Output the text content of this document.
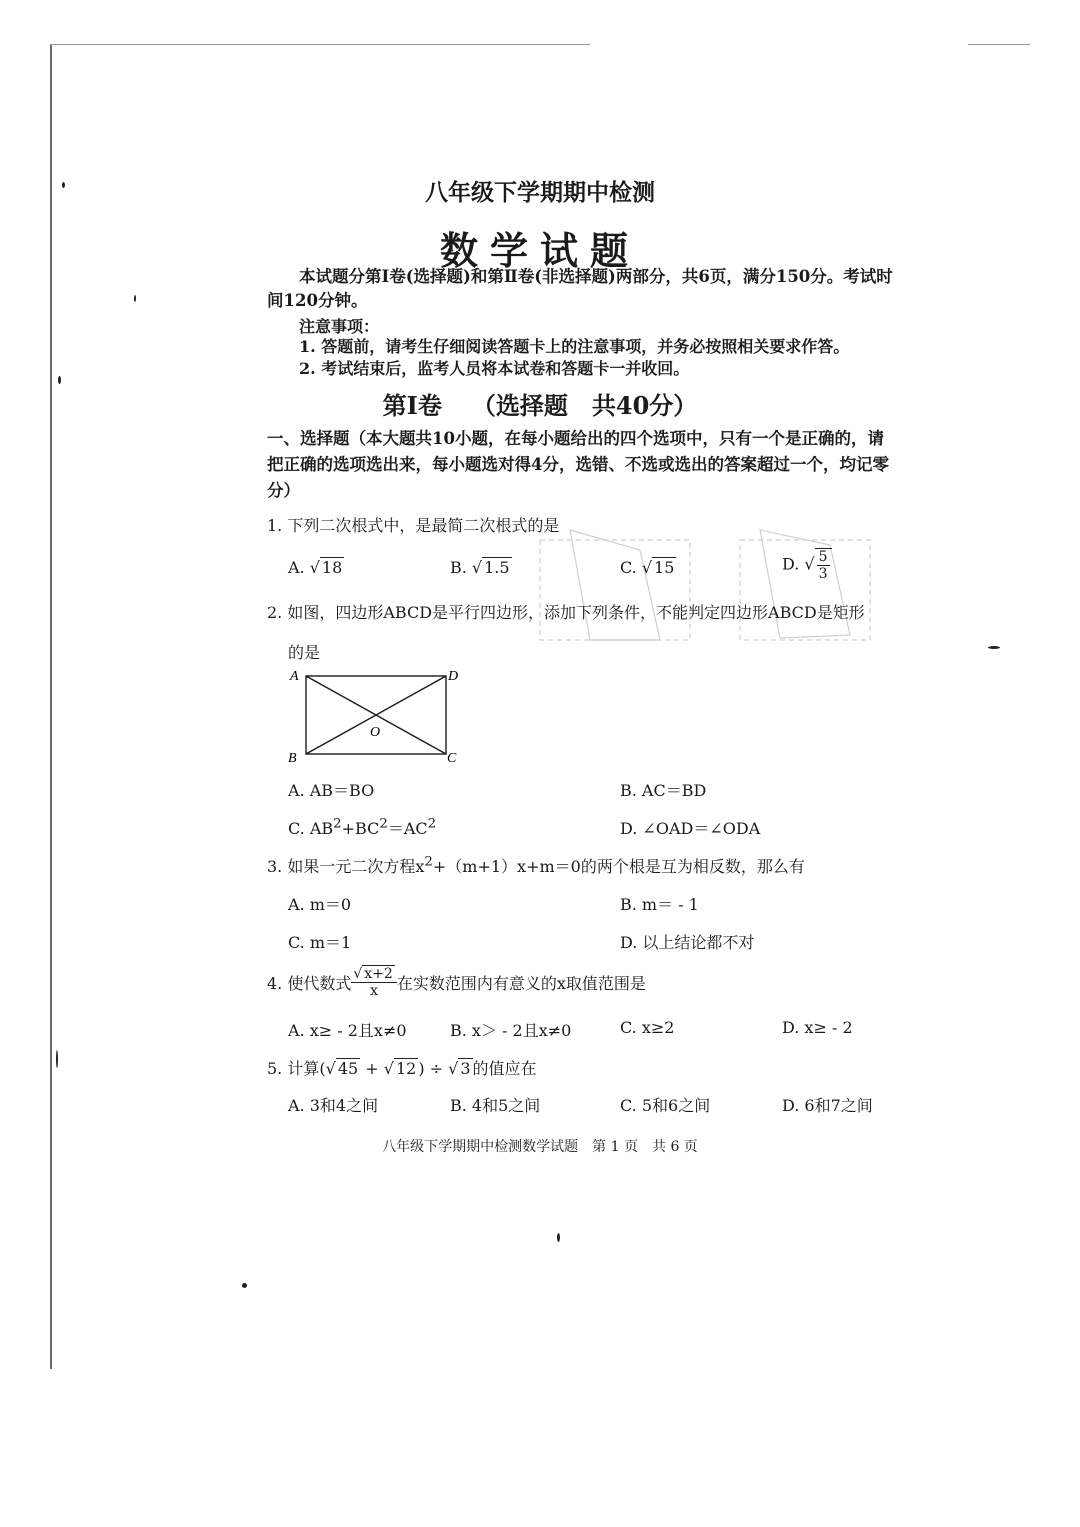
八年级下学期期中检测
数学试题
本试题分第Ⅰ卷(选择题)和第Ⅱ卷(非选择题)两部分，共6页，满分150分。考试时间120分钟。
注意事项：
1. 答题前，请考生仔细阅读答题卡上的注意事项，并务必按照相关要求作答。
2. 考试结束后，监考人员将本试卷和答题卡一并收回。
第Ⅰ卷 （选择题　共40分）
一、选择题（本大题共10小题，在每小题给出的四个选项中，只有一个是正确的，请把正确的选项选出来，每小题选对得4分，选错、不选或选出的答案超过一个，均记零分）
1. 下列二次根式中，是最简二次根式的是
A. √ 18	B. √ 1.5	C. √ 15	D. √ $\frac{5}{3}$
2. 如图，四边形ABCD是平行四边形，添加下列条件，不能判定四边形ABCD是矩形
的是
A	D
B	C
O
A. AB＝BO	B. AC＝BD
C. $AB^2+BC^2=AC^2$	D. ∠OAD＝∠ODA
3. 如果一元二次方程$x^2+(m+1)x+m=0$的两个根是互为相反数，那么有
A. m＝0	B. m＝ - 1
C. m＝1	D. 以上结论都不对
4. 使代数式 $\frac{√ x+2}{x}$ 在实数范围内有意义的x取值范围是
A. x≥ - 2且x≠0	B. x＞ - 2且x≠0	C. x≥2	D. x≥ - 2
5. 计算(√ 45 + √ 12 ) ÷ √ 3 的值应在
A. 3和4之间	B. 4和5之间	C. 5和6之间	D. 6和7之间
八年级下学期期中检测数学试题　第 1 页　共 6 页
